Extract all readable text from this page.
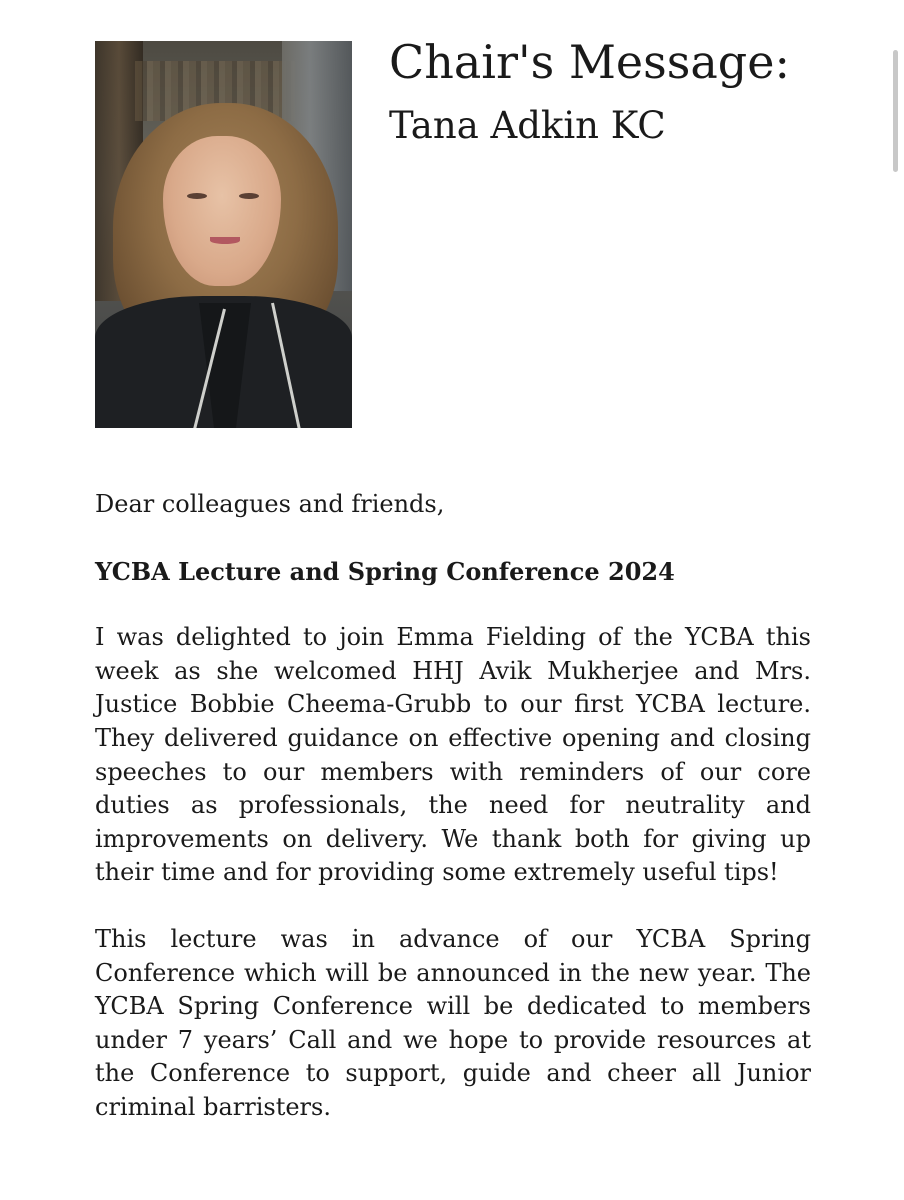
Chair's Message:
Tana Adkin KC

Dear colleagues and friends,

YCBA Lecture and Spring Conference 2024

I was delighted to join Emma Fielding of the YCBA this week as she welcomed HHJ Avik Mukherjee and Mrs. Justice Bobbie Cheema-Grubb to our first YCBA lecture. They delivered guidance on effective opening and closing speeches to our members with reminders of our core duties as professionals, the need for neutrality and improvements on delivery. We thank both for giving up their time and for providing some extremely useful tips!

This lecture was in advance of our YCBA Spring Conference which will be announced in the new year. The YCBA Spring Conference will be dedicated to members under 7 years’ Call and we hope to provide resources at the Conference to support, guide and cheer all Junior criminal barristers.
